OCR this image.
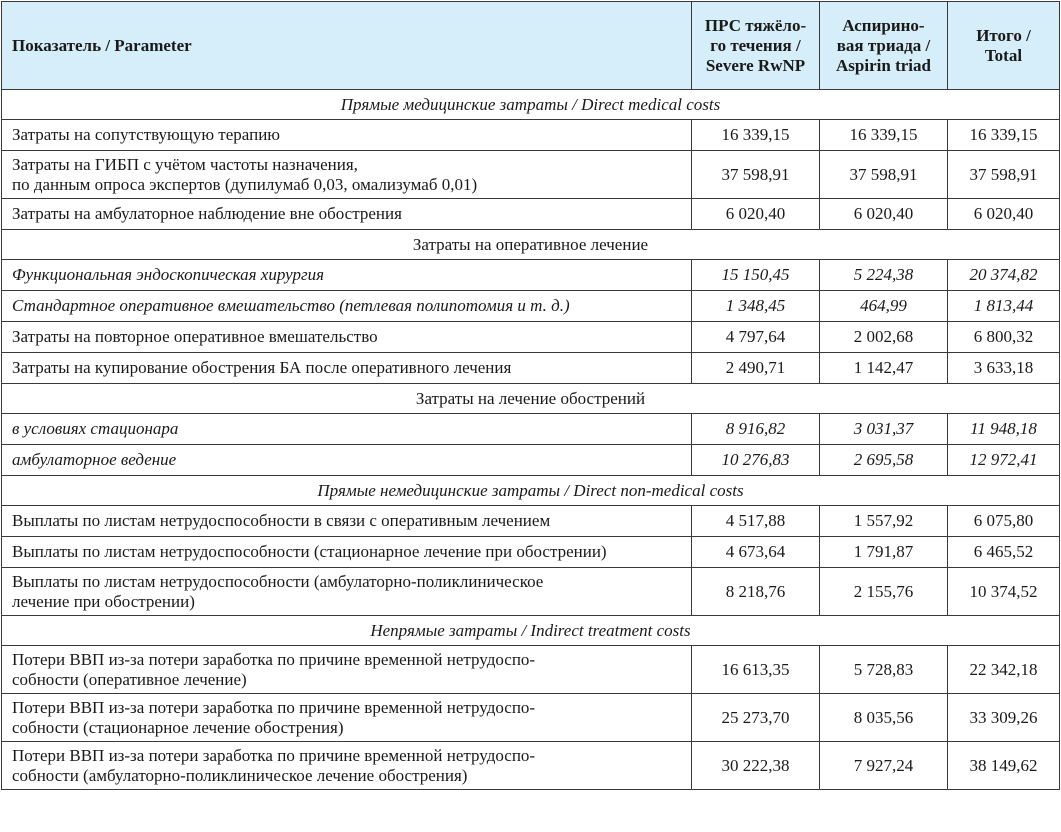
Показатель / Parameter	ПРС тяжёло-
го течения /
Severe RwNP	Аспирино-
вая триада /
Aspirin triad	Итого /
Total

Прямые медицинские затраты / Direct medical costs			

Затраты на сопутствующую терапию	16 339,15	16 339,15	16 339,15

Затраты на ГИБП с учётом частоты назначения,
по данным опроса экспертов (дупилумаб 0,03, омализумаб 0,01)	37 598,91	37 598,91	37 598,91

Затраты на амбулаторное наблюдение вне обострения	6 020,40	6 020,40	6 020,40
Затраты на оперативное лечение			

Функциональная эндоскопическая хирургия	15 150,45	5 224,38	20 374,82

Стандартное оперативное вмешательство (петлевая полипотомия и т. д.)	1 348,45	464,99	1 813,44

Затраты на повторное оперативное вмешательство	4 797,64	2 002,68	6 800,32

Затраты на купирование обострения БА после оперативного лечения	2 490,71	1 142,47	3 633,18
Затраты на лечение обострений			

в условиях стационара	8 916,82	3 031,37	11 948,18

амбулаторное ведение	10 276,83	2 695,58	12 972,41
Прямые немедицинские затраты / Direct non-medical costs			

Выплаты по листам нетрудоспособности в связи с оперативным лечением	4 517,88	1 557,92	6 075,80

Выплаты по листам нетрудоспособности (стационарное лечение при обострении)	4 673,64	1 791,87	6 465,52

Выплаты по листам нетрудоспособности (амбулаторно-поликлиническое
лечение при обострении)	8 218,76	2 155,76	10 374,52
Непрямые затраты / Indirect treatment costs			

Потери ВВП из-за потери заработка по причине временной нетрудоспо-
собности (оперативное лечение)	16 613,35	5 728,83	22 342,18

Потери ВВП из-за потери заработка по причине временной нетрудоспо-
собности (стационарное лечение обострения)	25 273,70	8 035,56	33 309,26

Потери ВВП из-за потери заработка по причине временной нетрудоспо-
собности (амбулаторно-поликлиническое лечение обострения)	30 222,38	7 927,24	38 149,62
